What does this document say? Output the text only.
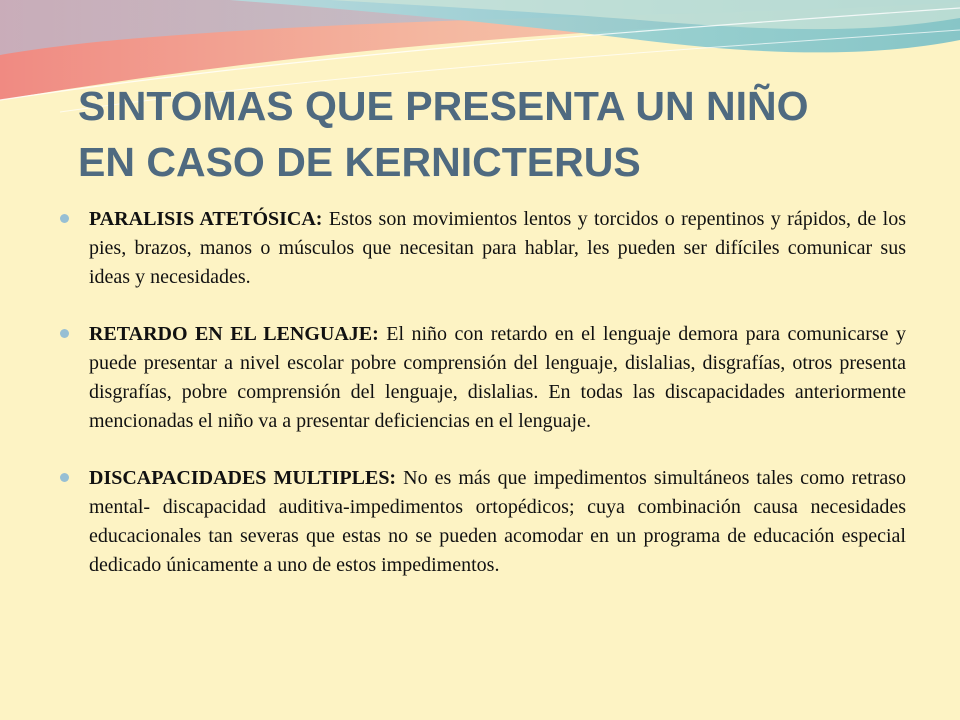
SINTOMAS QUE PRESENTA UN NIÑO
EN CASO DE KERNICTERUS

PARALISIS ATETÓSICA: Estos son movimientos lentos y torcidos o repentinos y rápidos, de los pies, brazos, manos o músculos que necesitan para hablar, les pueden ser difíciles comunicar sus ideas y necesidades.

RETARDO EN EL LENGUAJE: El niño con retardo en el lenguaje demora para comunicarse y puede presentar a nivel escolar pobre comprensión del lenguaje, dislalias, disgrafías, otros presenta disgrafías, pobre comprensión del lenguaje, dislalias. En todas las discapacidades anteriormente mencionadas el niño va a presentar deficiencias en el lenguaje.

DISCAPACIDADES MULTIPLES: No es más que impedimentos simultáneos tales como retraso mental- discapacidad auditiva-impedimentos ortopédicos; cuya combinación causa necesidades educacionales tan severas que estas no se pueden acomodar en un programa de educación especial dedicado únicamente a uno de estos impedimentos.
